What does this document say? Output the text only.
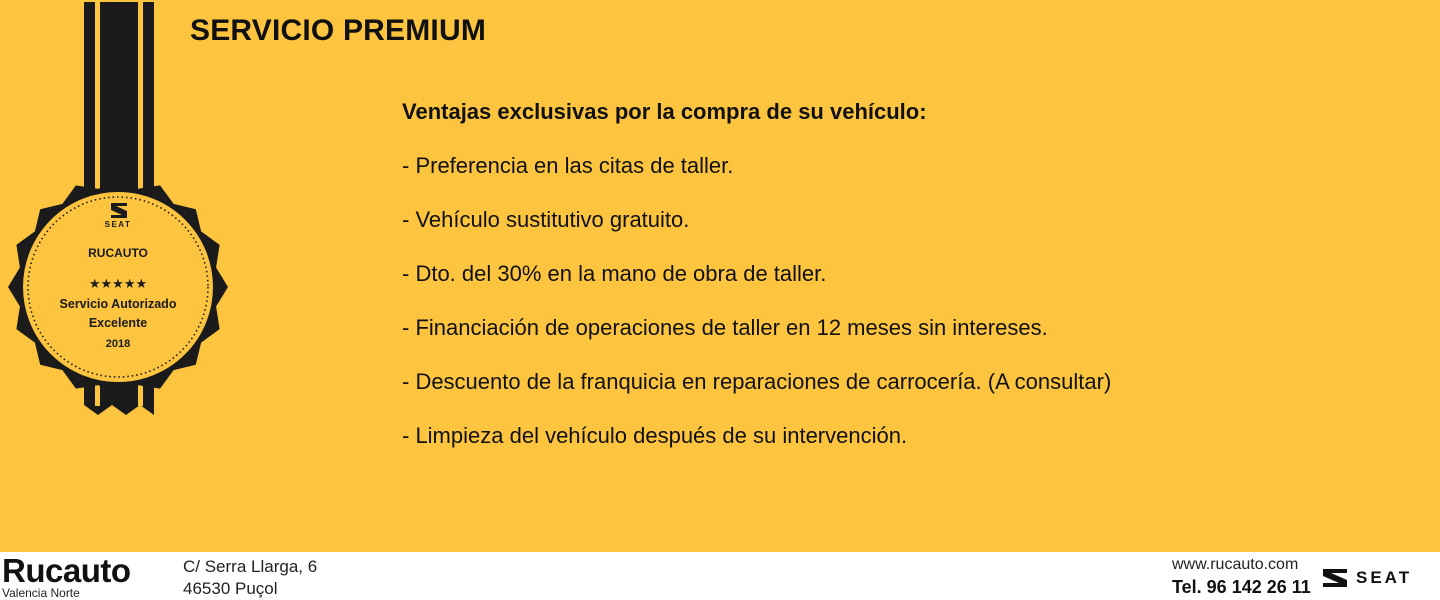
SEAT
RUCAUTO
★★★★★
Servicio Autorizado
Excelente
2018
SERVICIO PREMIUM
Ventajas exclusivas por la compra de su vehículo:
- Preferencia en las citas de taller.
- Vehículo sustitutivo gratuito.
- Dto. del 30% en la mano de obra de taller.
- Financiación de operaciones de taller en 12 meses sin intereses.
- Descuento de la franquicia en reparaciones de carrocería. (A consultar)
- Limpieza del vehículo después de su intervención.
Rucauto
Valencia Norte
C/ Serra Llarga, 6
46530 Puçol
www.rucauto.com
Tel. 96 142 26 11	SEAT
